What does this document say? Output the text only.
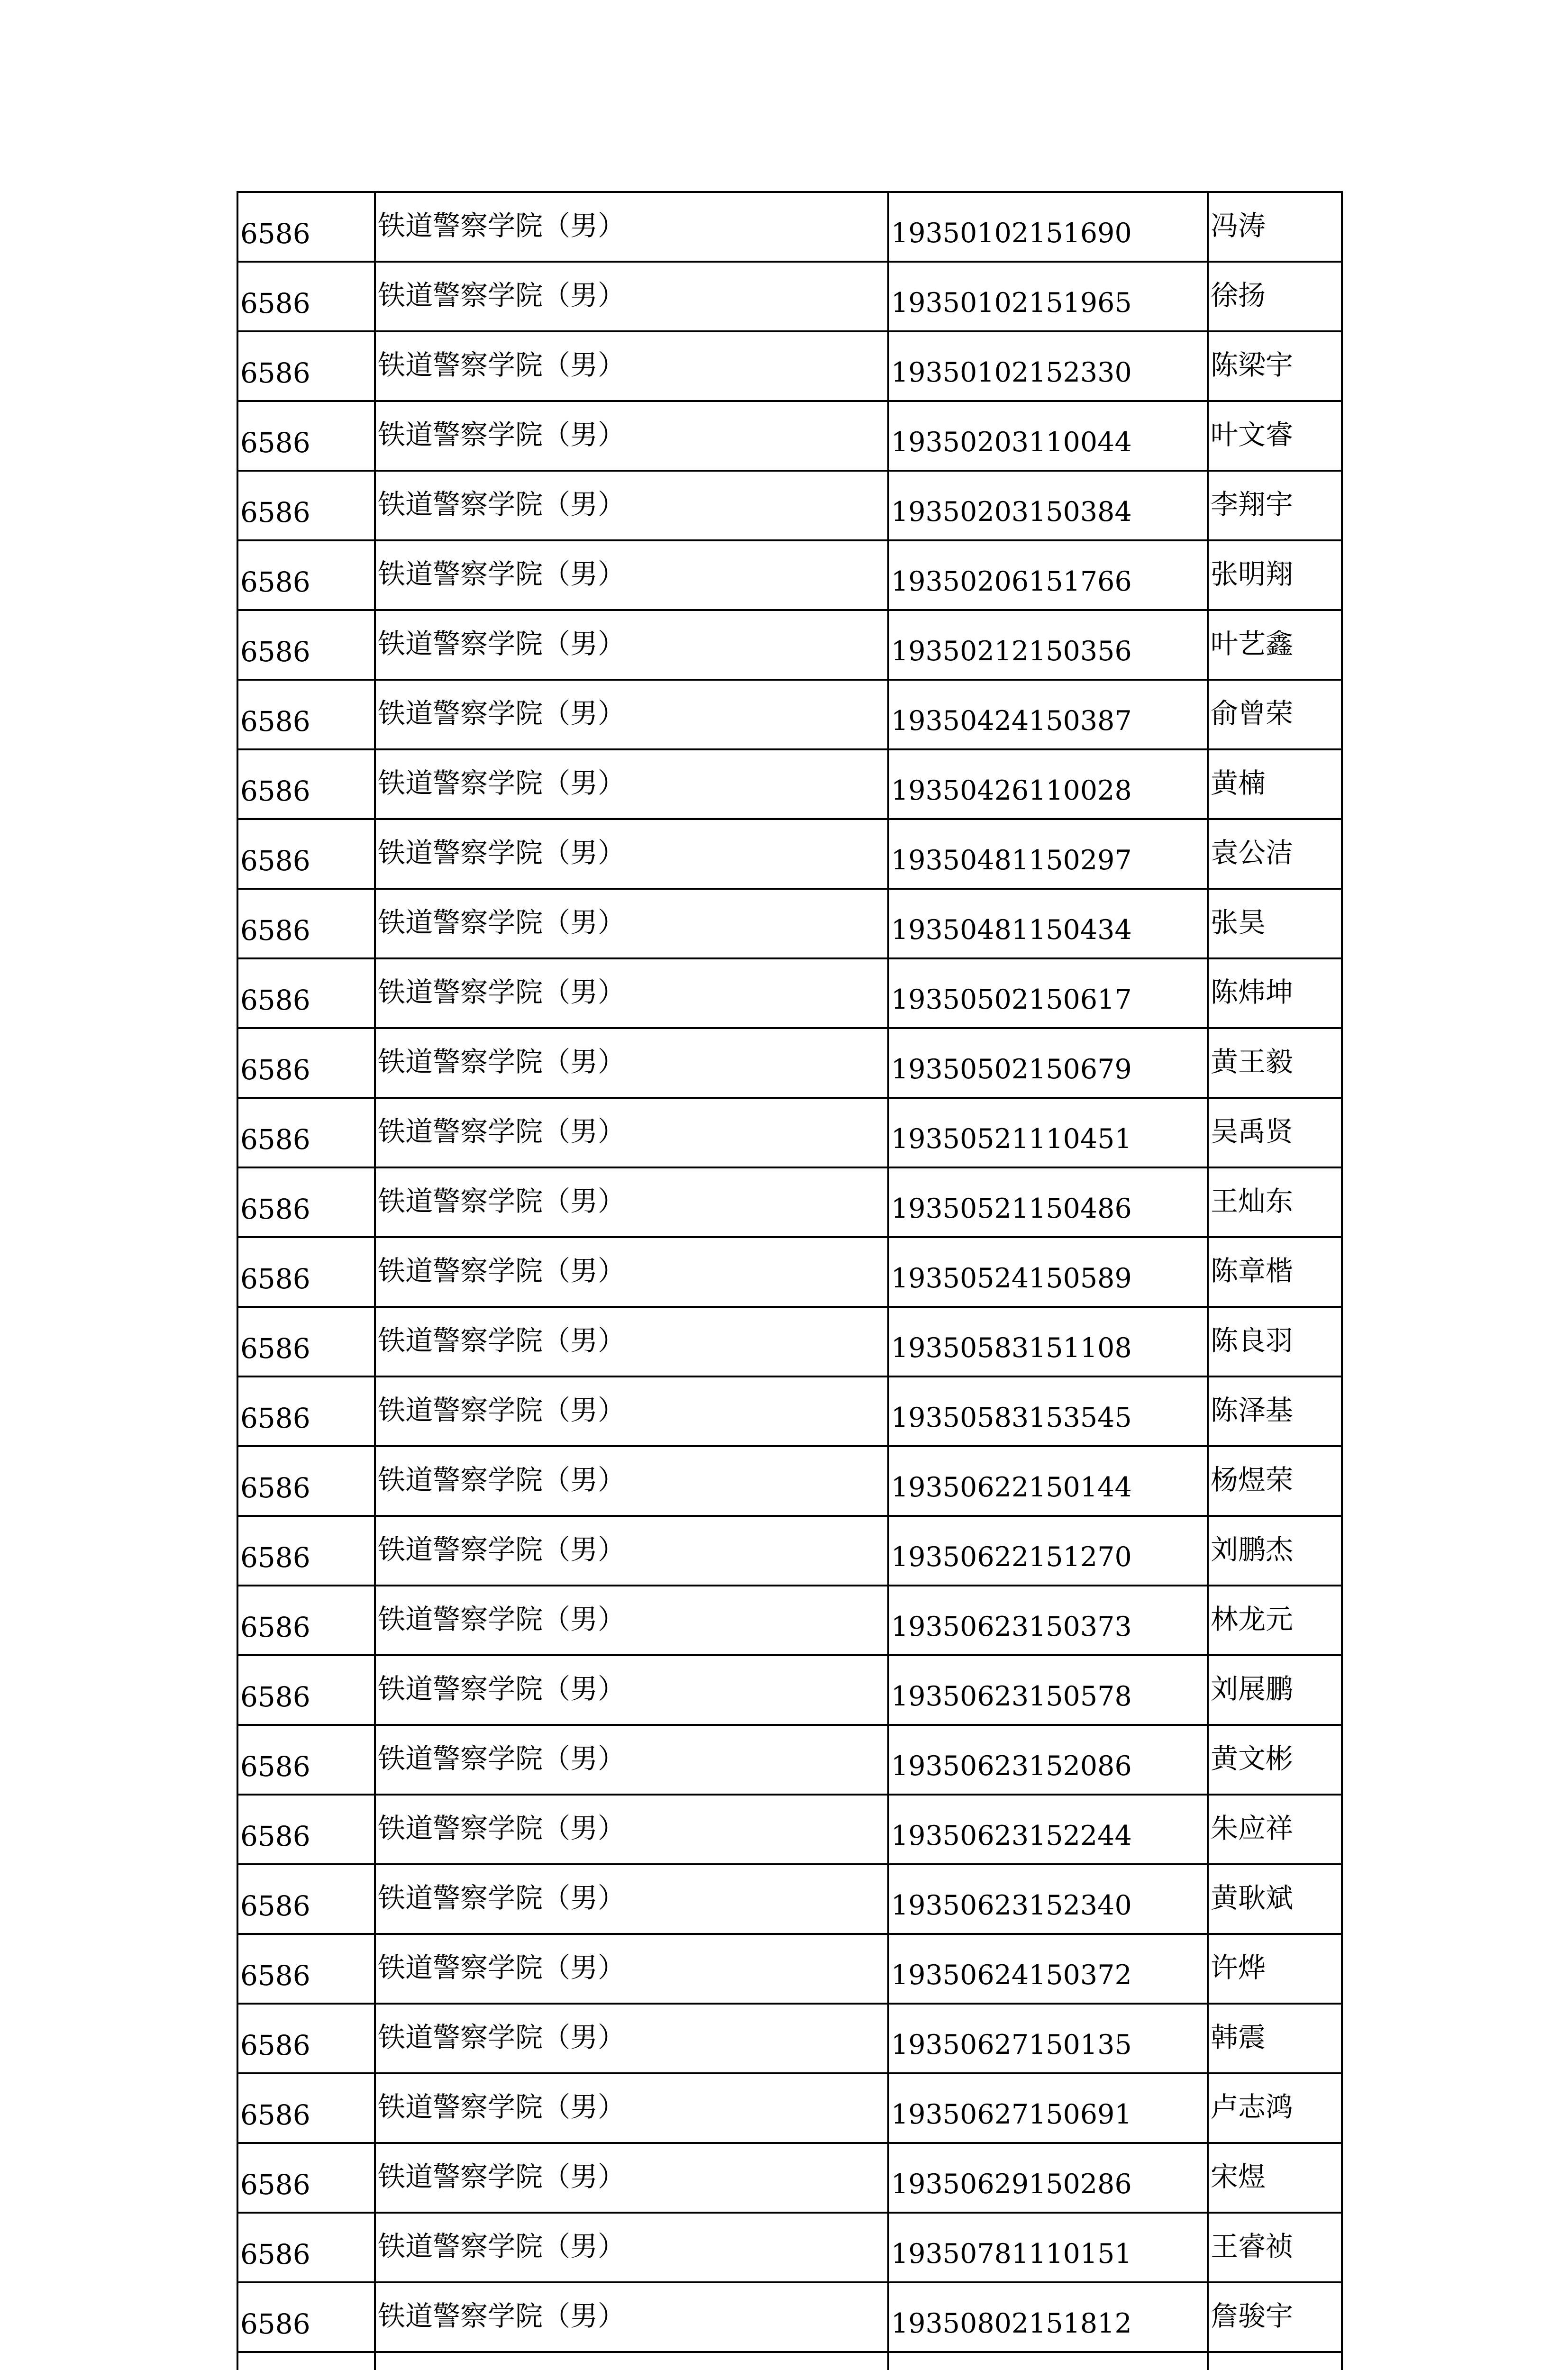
6586	铁道警察学院（男）	19350102151690	冯涛
6586	铁道警察学院（男）	19350102151965	徐扬
6586	铁道警察学院（男）	19350102152330	陈梁宇
6586	铁道警察学院（男）	19350203110044	叶文睿
6586	铁道警察学院（男）	19350203150384	李翔宇
6586	铁道警察学院（男）	19350206151766	张明翔
6586	铁道警察学院（男）	19350212150356	叶艺鑫
6586	铁道警察学院（男）	19350424150387	俞曾荣
6586	铁道警察学院（男）	19350426110028	黄楠
6586	铁道警察学院（男）	19350481150297	袁公洁
6586	铁道警察学院（男）	19350481150434	张昊
6586	铁道警察学院（男）	19350502150617	陈炜坤
6586	铁道警察学院（男）	19350502150679	黄王毅
6586	铁道警察学院（男）	19350521110451	吴禹贤
6586	铁道警察学院（男）	19350521150486	王灿东
6586	铁道警察学院（男）	19350524150589	陈章楷
6586	铁道警察学院（男）	19350583151108	陈良羽
6586	铁道警察学院（男）	19350583153545	陈泽基
6586	铁道警察学院（男）	19350622150144	杨煜荣
6586	铁道警察学院（男）	19350622151270	刘鹏杰
6586	铁道警察学院（男）	19350623150373	林龙元
6586	铁道警察学院（男）	19350623150578	刘展鹏
6586	铁道警察学院（男）	19350623152086	黄文彬
6586	铁道警察学院（男）	19350623152244	朱应祥
6586	铁道警察学院（男）	19350623152340	黄耿斌
6586	铁道警察学院（男）	19350624150372	许烨
6586	铁道警察学院（男）	19350627150135	韩震
6586	铁道警察学院（男）	19350627150691	卢志鸿
6586	铁道警察学院（男）	19350629150286	宋煜
6586	铁道警察学院（男）	19350781110151	王睿祯
6586	铁道警察学院（男）	19350802151812	詹骏宇
